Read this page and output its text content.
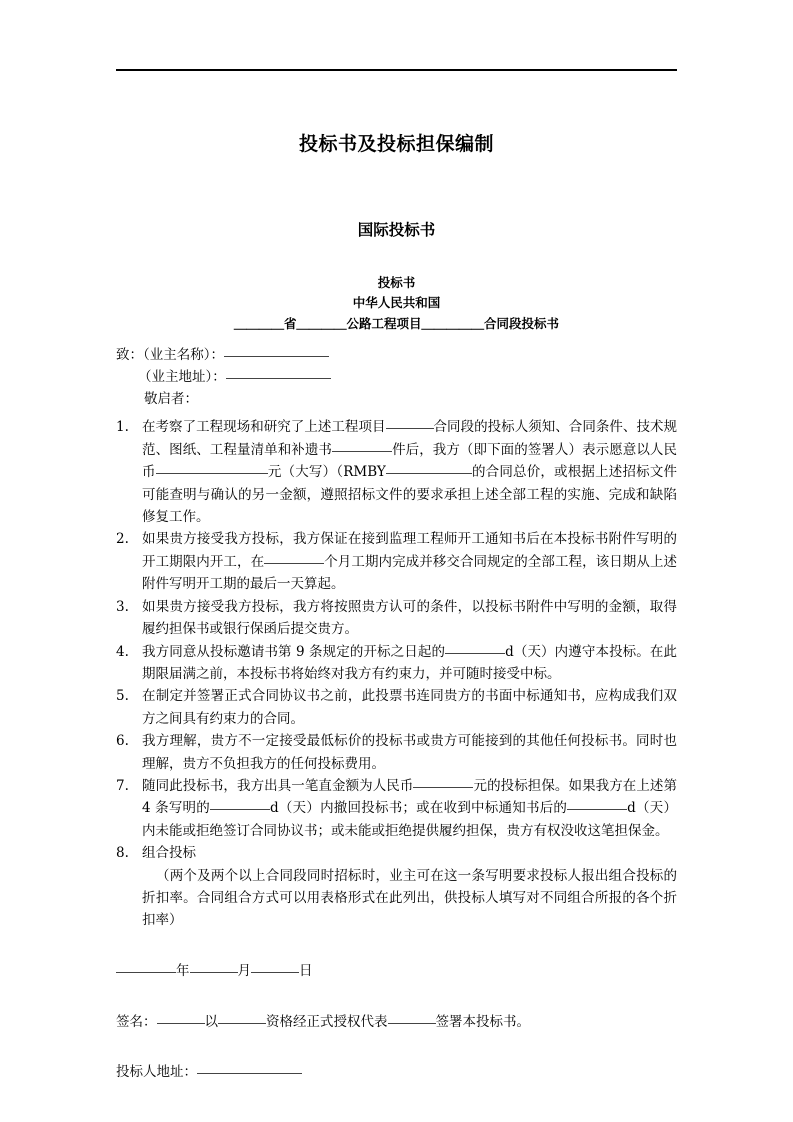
投标书及投标担保编制
国际投标书
投标书
中华人民共和国
＿＿＿＿省＿＿＿＿公路工程项目＿＿＿＿＿合同段投标书
致：（业主名称）：
（业主地址）：
敬启者：
1. 在考察了工程现场和研究了上述工程项目	合同段的投标人须知、合同条件、技术规范、图纸、工程量清单和补遗书	件后，我方（即下面的签署人）表示愿意以人民币	元（大写）（RMBY	的合同总价，或根据上述招标文件可能查明与确认的另一金额，遵照招标文件的要求承担上述全部工程的实施、完成和缺陷修复工作。
2. 如果贵方接受我方投标，我方保证在接到监理工程师开工通知书后在本投标书附件写明的开工期限内开工，在	个月工期内完成并移交合同规定的全部工程，该日期从上述附件写明开工期的最后一天算起。
3. 如果贵方接受我方投标，我方将按照贵方认可的条件，以投标书附件中写明的金额，取得履约担保书或银行保函后提交贵方。
4. 我方同意从投标邀请书第 9 条规定的开标之日起的	d（天）内遵守本投标。在此期限届满之前，本投标书将始终对我方有约束力，并可随时接受中标。
5. 在制定并签署正式合同协议书之前，此投票书连同贵方的书面中标通知书，应构成我们双方之间具有约束力的合同。
6. 我方理解，贵方不一定接受最低标价的投标书或贵方可能接到的其他任何投标书。同时也理解，贵方不负担我方的任何投标费用。
7. 随同此投标书，我方出具一笔直金额为人民币	元的投标担保。如果我方在上述第 4 条写明的	d（天）内撤回投标书；或在收到中标通知书后的	d（天）内未能或拒绝签订合同协议书；或未能或拒绝提供履约担保，贵方有权没收这笔担保金。
8. 组合投标
（两个及两个以上合同段同时招标时，业主可在这一条写明要求投标人报出组合投标的折扣率。合同组合方式可以用表格形式在此列出，供投标人填写对不同组合所报的各个折扣率）
年	月	日
签名：	以	资格经正式授权代表	签署本投标书。
投标人地址：
